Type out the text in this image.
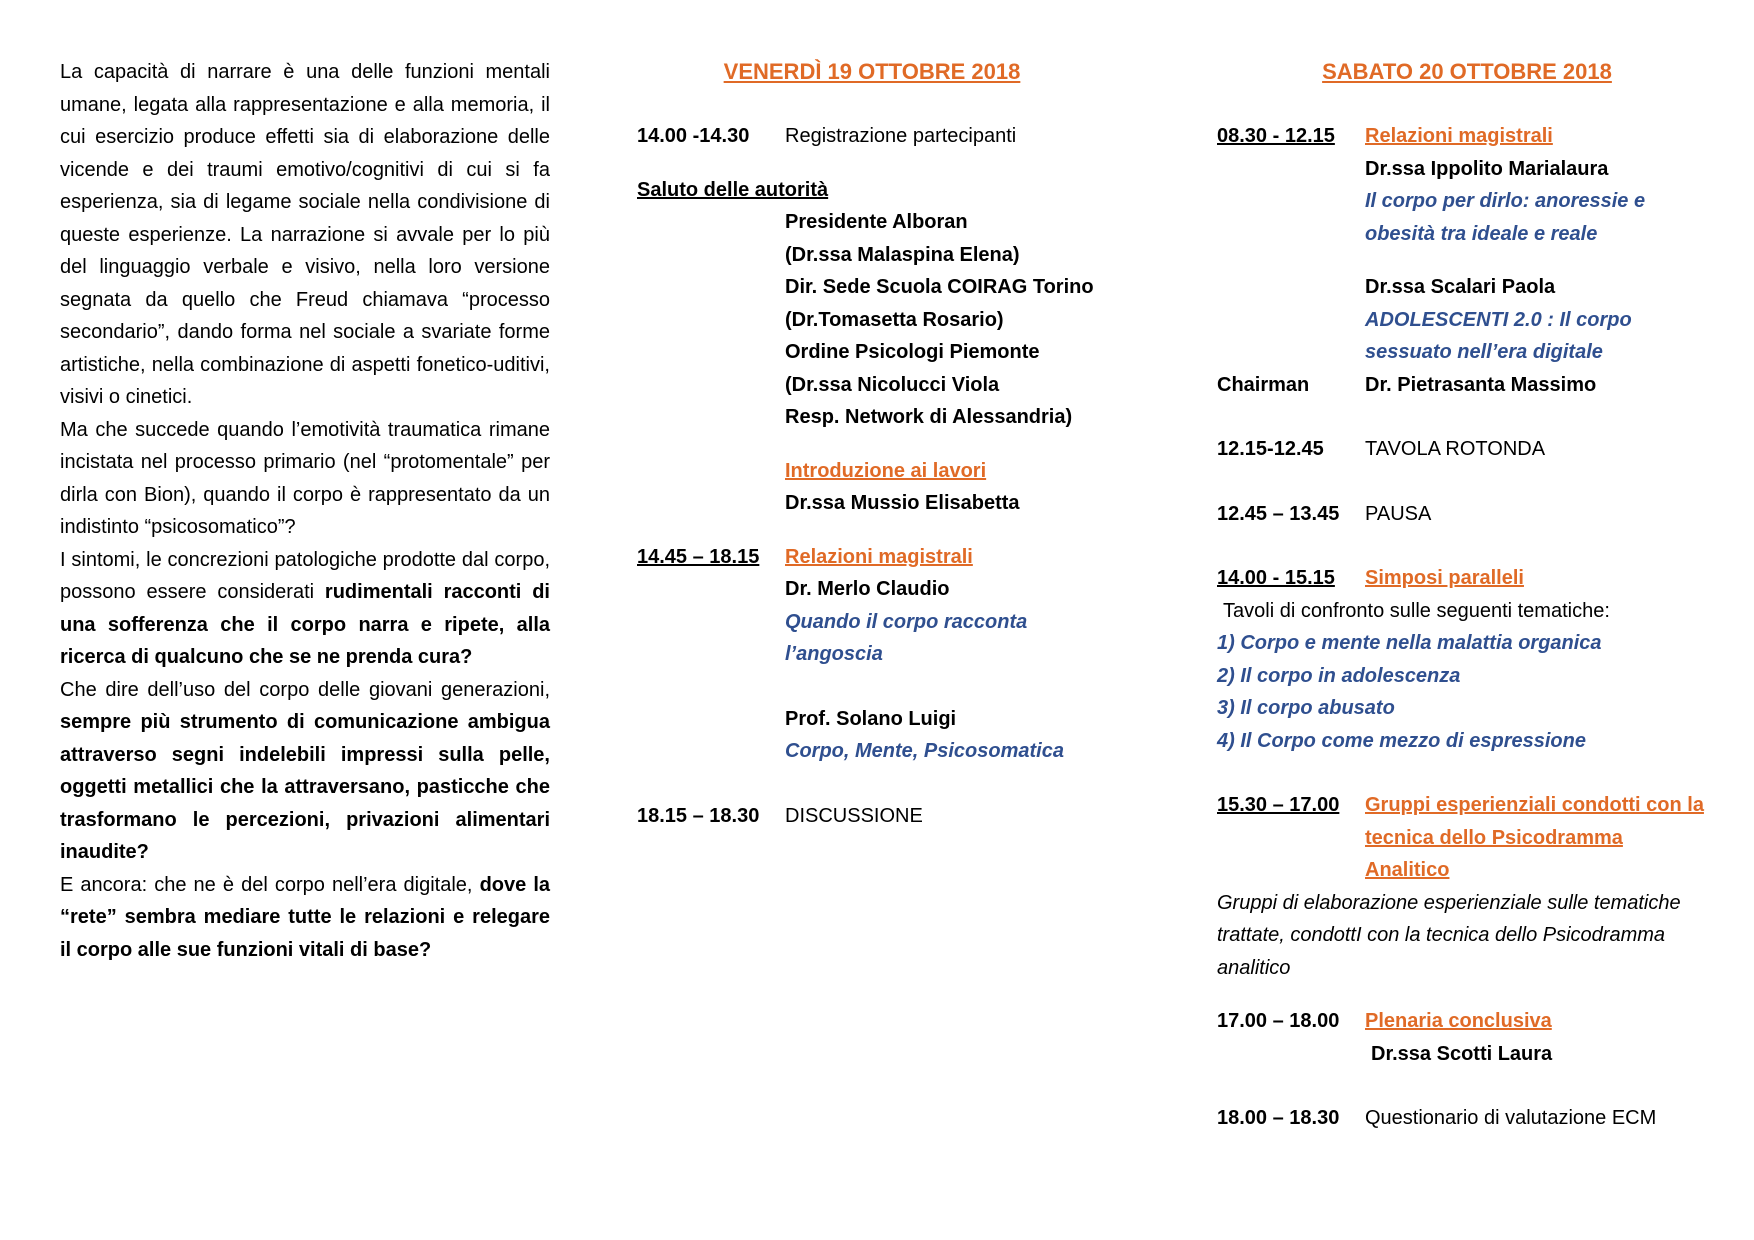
La capacità di narrare è una delle funzioni mentali umane, legata alla rappresentazione e alla memoria, il cui esercizio produce effetti sia di elaborazione delle vicende e dei traumi emotivo/cognitivi di cui si fa esperienza, sia di legame sociale nella condivisione di queste esperienze. La narrazione si avvale per lo più del linguaggio verbale e visivo, nella loro versione segnata da quello che Freud chiamava “processo secondario”, dando forma nel sociale a svariate forme artistiche, nella combinazione di aspetti fonetico-uditivi, visivi o cinetici.

Ma che succede quando l’emotività traumatica rimane incistata nel processo primario (nel “protomentale” per dirla con Bion), quando il corpo è rappresentato da un indistinto “psicosomatico”?

I sintomi, le concrezioni patologiche prodotte dal corpo, possono essere considerati rudimentali racconti di una sofferenza che il corpo narra e ripete, alla ricerca di qualcuno che se ne prenda cura?

Che dire dell’uso del corpo delle giovani generazioni, sempre più strumento di comunicazione ambigua attraverso segni indelebili impressi sulla pelle, oggetti metallici che la attraversano, pasticche che trasformano le percezioni, privazioni alimentari inaudite?

E ancora: che ne è del corpo nell’era digitale, dove la “rete” sembra mediare tutte le relazioni e relegare il corpo alle sue funzioni vitali di base?

VENERDÌ 19 OTTOBRE 2018
14.00 -14.30	Registrazione partecipanti
Saluto delle autorità
Presidente Alboran
(Dr.ssa Malaspina Elena)
Dir. Sede Scuola COIRAG Torino
(Dr.Tomasetta Rosario)
Ordine Psicologi Piemonte
(Dr.ssa Nicolucci Viola
Resp. Network di Alessandria)
Introduzione ai lavori
Dr.ssa Mussio Elisabetta
14.45 – 18.15	Relazioni magistrali
Dr. Merlo Claudio
Quando il corpo racconta
l’angoscia
Prof. Solano Luigi
Corpo, Mente, Psicosomatica
18.15 – 18.30	DISCUSSIONE
SABATO 20 OTTOBRE 2018
08.30 - 12.15	Relazioni magistrali
Dr.ssa Ippolito Marialaura
Il corpo per dirlo: anoressie e
obesità tra ideale e reale
Dr.ssa Scalari Paola
ADOLESCENTI 2.0 : Il corpo
sessuato nell’era digitale
Chairman	Dr. Pietrasanta Massimo
12.15-12.45	TAVOLA ROTONDA
12.45 – 13.45	PAUSA
14.00 - 15.15	Simposi paralleli
Tavoli di confronto sulle seguenti tematiche:
1) Corpo e mente nella malattia organica
2) Il corpo in adolescenza
3) Il corpo abusato
4) Il Corpo come mezzo di espressione
15.30 – 17.00	Gruppi esperienziali condotti con la
tecnica dello Psicodramma
Analitico
Gruppi di elaborazione esperienziale sulle tematiche trattate, condottI con la tecnica dello Psicodramma analitico
17.00 – 18.00	Plenaria conclusiva
Dr.ssa Scotti Laura
18.00 – 18.30	Questionario di valutazione ECM
